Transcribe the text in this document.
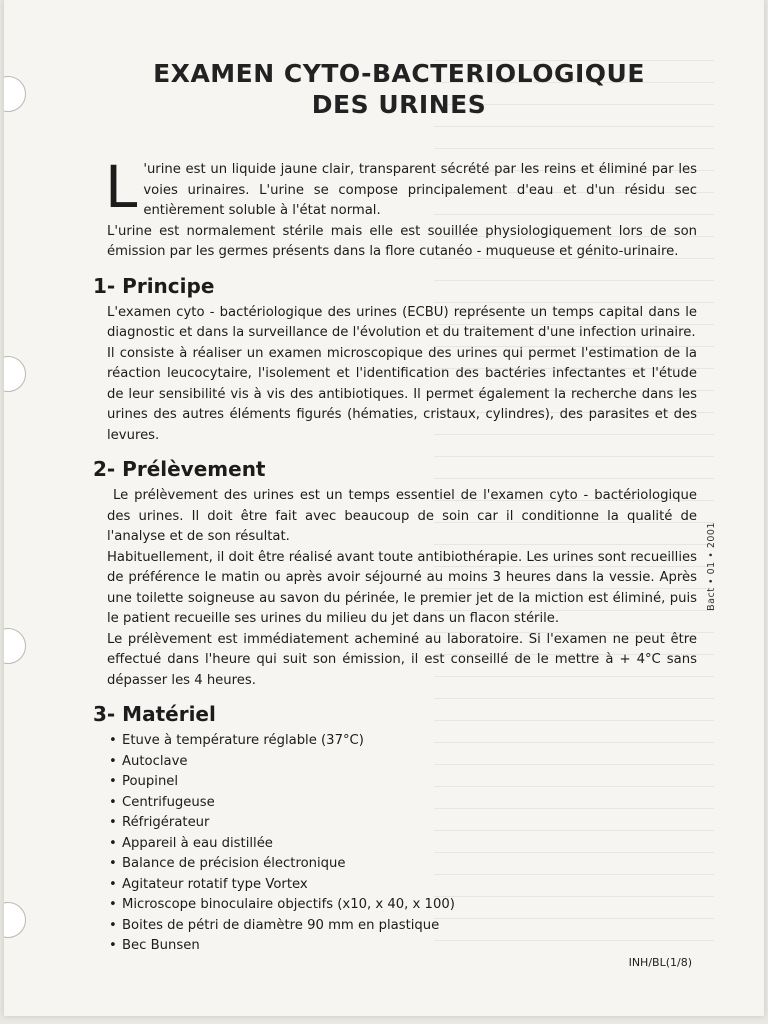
EXAMEN CYTO-BACTERIOLOGIQUE
DES URINES

L 'urine est un liquide jaune clair, transparent sécrété par les reins et éliminé par les voies urinaires. L'urine se compose principalement d'eau et d'un résidu sec entièrement soluble à l'état normal.

L'urine est normalement stérile mais elle est souillée physiologiquement lors de son émission par les germes présents dans la flore cutanéo - muqueuse et génito-urinaire.

1- Principe

L'examen cyto - bactériologique des urines (ECBU) représente un temps capital dans le diagnostic et dans la surveillance de l'évolution et du traitement d'une infection urinaire.

Il consiste à réaliser un examen microscopique des urines qui permet l'estimation de la réaction leucocytaire, l'isolement et l'identification des bactéries infectantes et l'étude de leur sensibilité vis à vis des antibiotiques. Il permet également la recherche dans les urines des autres éléments figurés (hématies, cristaux, cylindres), des parasites et des levures.

2- Prélèvement

Le prélèvement des urines est un temps essentiel de l'examen cyto - bactériologique des urines. Il doit être fait avec beaucoup de soin car il conditionne la qualité de l'analyse et de son résultat.

Habituellement, il doit être réalisé avant toute antibiothérapie. Les urines sont recueillies de préférence le matin ou après avoir séjourné au moins 3 heures dans la vessie. Après une toilette soigneuse au savon du périnée, le premier jet de la miction est éliminé, puis le patient recueille ses urines du milieu du jet dans un flacon stérile.

Le prélèvement est immédiatement acheminé au laboratoire. Si l'examen ne peut être effectué dans l'heure qui suit son émission, il est conseillé de le mettre à + 4°C sans dépasser les 4 heures.

3- Matériel
• Etuve à température réglable (37°C)
• Autoclave
• Poupinel
• Centrifugeuse
• Réfrigérateur
• Appareil à eau distillée
• Balance de précision électronique
• Agitateur rotatif type Vortex
• Microscope binoculaire objectifs (x10, x 40, x 100)
• Boites de pétri de diamètre 90 mm en plastique
• Bec Bunsen
Bact • 01 • 2001
INH/BL(1/8)
